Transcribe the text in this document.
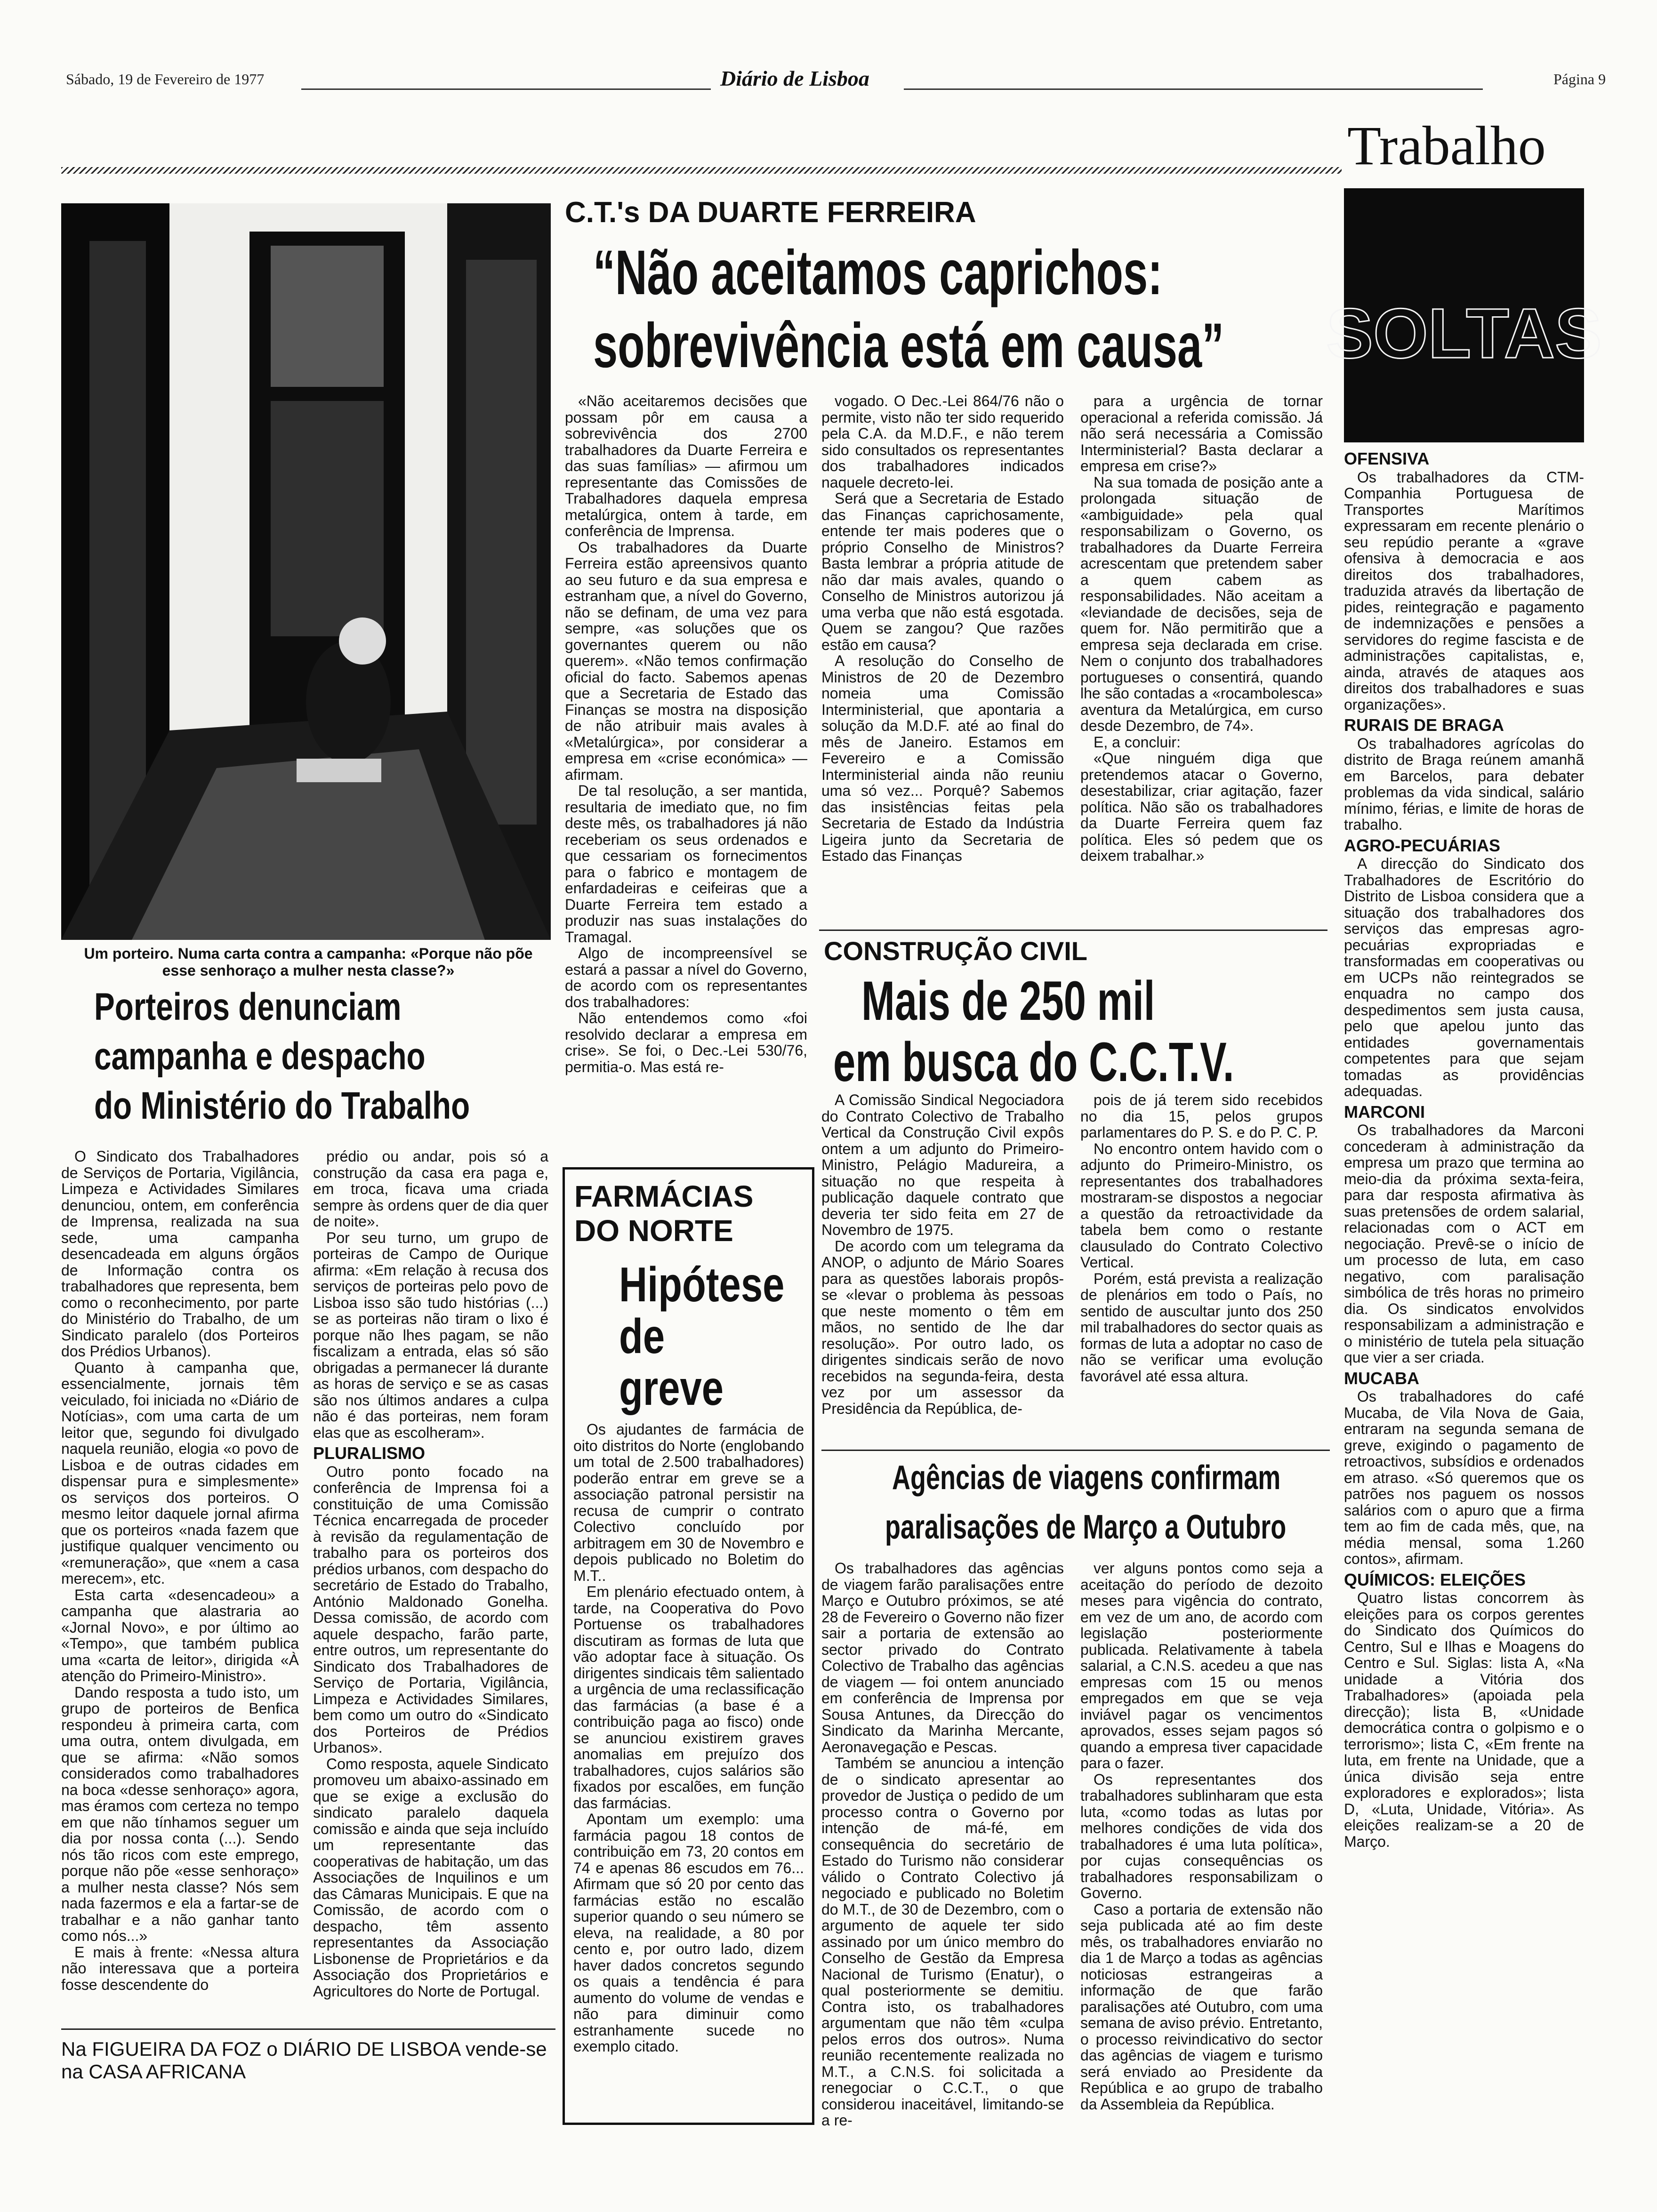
Sábado, 19 de Fevereiro de 1977	Diário de Lisboa	Página 9
Trabalho
Um porteiro. Numa carta contra a campanha: «Porque não põe esse senhoraço a mulher nesta classe?»
Porteiros denunciam
campanha e despacho
do Ministério do Trabalho

O Sindicato dos Trabalhadores de Serviços de Portaria, Vigilância, Limpeza e Actividades Similares denunciou, ontem, em conferência de Imprensa, realizada na sua sede, uma campanha desencadeada em alguns órgãos de Informação contra os trabalhadores que representa, bem como o reconhecimento, por parte do Ministério do Trabalho, de um Sindicato paralelo (dos Porteiros dos Prédios Urbanos).

Quanto à campanha que, essencialmente, jornais têm veiculado, foi iniciada no «Diário de Notícias», com uma carta de um leitor que, segundo foi divulgado naquela reunião, elogia «o povo de Lisboa e de outras cidades em dispensar pura e simplesmente» os serviços dos porteiros. O mesmo leitor daquele jornal afirma que os porteiros «nada fazem que justifique qualquer vencimento ou «remuneração», que «nem a casa merecem», etc.

Esta carta «desencadeou» a campanha que alastraria ao «Jornal Novo», e por último ao «Tempo», que também publica uma «carta de leitor», dirigida «À atenção do Primeiro-Ministro».

Dando resposta a tudo isto, um grupo de porteiros de Benfica respondeu à primeira carta, com uma outra, ontem divulgada, em que se afirma: «Não somos considerados como trabalhadores na boca «desse senhoraço» agora, mas éramos com certeza no tempo em que não tínhamos seguer um dia por nossa conta (...). Sendo nós tão ricos com este emprego, porque não põe «esse senhoraço» a mulher nesta classe? Nós sem nada fazermos e ela a fartar-se de trabalhar e a não ganhar tanto como nós...»

E mais à frente: «Nessa altura não interessava que a porteira fosse descendente do

prédio ou andar, pois só a construção da casa era paga e, em troca, ficava uma criada sempre às ordens quer de dia quer de noite».

Por seu turno, um grupo de porteiras de Campo de Ourique afirma: «Em relação à recusa dos serviços de porteiras pelo povo de Lisboa isso são tudo histórias (...) se as porteiras não tiram o lixo é porque não lhes pagam, se não fiscalizam a entrada, elas só são obrigadas a permanecer lá durante as horas de serviço e se as casas são nos últimos andares a culpa não é das porteiras, nem foram elas que as escolheram».

PLURALISMO

Outro ponto focado na conferência de Imprensa foi a constituição de uma Comissão Técnica encarregada de proceder à revisão da regulamentação de trabalho para os porteiros dos prédios urbanos, com despacho do secretário de Estado do Trabalho, António Maldonado Gonelha. Dessa comissão, de acordo com aquele despacho, farão parte, entre outros, um representante do Sindicato dos Trabalhadores de Serviço de Portaria, Vigilância, Limpeza e Actividades Similares, bem como um outro do «Sindicato dos Porteiros de Prédios Urbanos».

Como resposta, aquele Sindicato promoveu um abaixo-assinado em que se exige a exclusão do sindicato paralelo daquela comissão e ainda que seja incluído um representante das cooperativas de habitação, um das Associações de Inquilinos e um das Câmaras Municipais. E que na Comissão, de acordo com o despacho, têm assento representantes da Associação Lisbonense de Proprietários e da Associação dos Proprietários e Agricultores do Norte de Portugal.

Na FIGUEIRA DA FOZ o DIÁRIO DE LISBOA vende-se na CASA AFRICANA
C.T.'s DA DUARTE FERREIRA
“Não aceitamos caprichos:
sobrevivência está em causa”

«Não aceitaremos decisões que possam pôr em causa a sobrevivência dos 2700 trabalhadores da Duarte Ferreira e das suas famílias» — afirmou um representante das Comissões de Trabalhadores daquela empresa metalúrgica, ontem à tarde, em conferência de Imprensa.

Os trabalhadores da Duarte Ferreira estão apreensivos quanto ao seu futuro e da sua empresa e estranham que, a nível do Governo, não se definam, de uma vez para sempre, «as soluções que os governantes querem ou não querem». «Não temos confirmação oficial do facto. Sabemos apenas que a Secretaria de Estado das Finanças se mostra na disposição de não atribuir mais avales à «Metalúrgica», por considerar a empresa em «crise económica» — afirmam.

De tal resolução, a ser mantida, resultaria de imediato que, no fim deste mês, os trabalhadores já não receberiam os seus ordenados e que cessariam os fornecimentos para o fabrico e montagem de enfardadeiras e ceifeiras que a Duarte Ferreira tem estado a produzir nas suas instalações do Tramagal.

Algo de incompreensível se estará a passar a nível do Governo, de acordo com os representantes dos trabalhadores:

Não entendemos como «foi resolvido declarar a empresa em crise». Se foi, o Dec.-Lei 530/76, permitia-o. Mas está re-

vogado. O Dec.-Lei 864/76 não o permite, visto não ter sido requerido pela C.A. da M.D.F., e não terem sido consultados os representantes dos trabalhadores indicados naquele decreto-lei.

Será que a Secretaria de Estado das Finanças caprichosamente, entende ter mais poderes que o próprio Conselho de Ministros? Basta lembrar a própria atitude de não dar mais avales, quando o Conselho de Ministros autorizou já uma verba que não está esgotada. Quem se zangou? Que razões estão em causa?

A resolução do Conselho de Ministros de 20 de Dezembro nomeia uma Comissão Interministerial, que apontaria a solução da M.D.F. até ao final do mês de Janeiro. Estamos em Fevereiro e a Comissão Interministerial ainda não reuniu uma só vez... Porquê? Sabemos das insistências feitas pela Secretaria de Estado da Indústria Ligeira junto da Secretaria de Estado das Finanças

para a urgência de tornar operacional a referida comissão. Já não será necessária a Comissão Interministerial? Basta declarar a empresa em crise?»

Na sua tomada de posição ante a prolongada situação de «ambiguidade» pela qual responsabilizam o Governo, os trabalhadores da Duarte Ferreira acrescentam que pretendem saber a quem cabem as responsabilidades. Não aceitam a «leviandade de decisões, seja de quem for. Não permitirão que a empresa seja declarada em crise. Nem o conjunto dos trabalhadores portugueses o consentirá, quando lhe são contadas a «rocambolesca» aventura da Metalúrgica, em curso desde Dezembro, de 74».

E, a concluir:

«Que ninguém diga que pretendemos atacar o Governo, desestabilizar, criar agitação, fazer política. Não são os trabalhadores da Duarte Ferreira quem faz política. Eles só pedem que os deixem trabalhar.»

CONSTRUÇÃO CIVIL
Mais de 250 mil
em busca do C.C.T.V.

A Comissão Sindical Negociadora do Contrato Colectivo de Trabalho Vertical da Construção Civil expôs ontem a um adjunto do Primeiro-Ministro, Pelágio Madureira, a situação no que respeita à publicação daquele contrato que deveria ter sido feita em 27 de Novembro de 1975.

De acordo com um telegrama da ANOP, o adjunto de Mário Soares para as questões laborais propôs-se «levar o problema às pessoas que neste momento o têm em mãos, no sentido de lhe dar resolução». Por outro lado, os dirigentes sindicais serão de novo recebidos na segunda-feira, desta vez por um assessor da Presidência da República, de-

pois de já terem sido recebidos no dia 15, pelos grupos parlamentares do P. S. e do P. C. P.

No encontro ontem havido com o adjunto do Primeiro-Ministro, os representantes dos trabalhadores mostraram-se dispostos a negociar a questão da retroactividade da tabela bem como o restante clausulado do Contrato Colectivo Vertical.

Porém, está prevista a realização de plenários em todo o País, no sentido de auscultar junto dos 250 mil trabalhadores do sector quais as formas de luta a adoptar no caso de não se verificar uma evolução favorável até essa altura.

FARMÁCIAS
DO NORTE
Hipótese
de
greve

Os ajudantes de farmácia de oito distritos do Norte (englobando um total de 2.500 trabalhadores) poderão entrar em greve se a associação patronal persistir na recusa de cumprir o contrato Colectivo concluído por arbitragem em 30 de Novembro e depois publicado no Boletim do M.T..

Em plenário efectuado ontem, à tarde, na Cooperativa do Povo Portuense os trabalhadores discutiram as formas de luta que vão adoptar face à situação. Os dirigentes sindicais têm salientado a urgência de uma reclassificação das farmácias (a base é a contribuição paga ao fisco) onde se anunciou existirem graves anomalias em prejuízo dos trabalhadores, cujos salários são fixados por escalões, em função das farmácias.

Apontam um exemplo: uma farmácia pagou 18 contos de contribuição em 73, 20 contos em 74 e apenas 86 escudos em 76... Afirmam que só 20 por cento das farmácias estão no escalão superior quando o seu número se eleva, na realidade, a 80 por cento e, por outro lado, dizem haver dados concretos segundo os quais a tendência é para aumento do volume de vendas e não para diminuir como estranhamente sucede no exemplo citado.

Agências de viagens confirmam
paralisações de Março a Outubro

Os trabalhadores das agências de viagem farão paralisações entre Março e Outubro próximos, se até 28 de Fevereiro o Governo não fizer sair a portaria de extensão ao sector privado do Contrato Colectivo de Trabalho das agências de viagem — foi ontem anunciado em conferência de Imprensa por Sousa Antunes, da Direcção do Sindicato da Marinha Mercante, Aeronavegação e Pescas.

Também se anunciou a intenção de o sindicato apresentar ao provedor de Justiça o pedido de um processo contra o Governo por intenção de má-fé, em consequência do secretário de Estado do Turismo não considerar válido o Contrato Colectivo já negociado e publicado no Boletim do M.T., de 30 de Dezembro, com o argumento de aquele ter sido assinado por um único membro do Conselho de Gestão da Empresa Nacional de Turismo (Enatur), o qual posteriormente se demitiu. Contra isto, os trabalhadores argumentam que não têm «culpa pelos erros dos outros». Numa reunião recentemente realizada no M.T., a C.N.S. foi solicitada a renegociar o C.C.T., o que considerou inaceitável, limitando-se a re-

ver alguns pontos como seja a aceitação do período de dezoito meses para vigência do contrato, em vez de um ano, de acordo com legislação posteriormente publicada. Relativamente à tabela salarial, a C.N.S. acedeu a que nas empresas com 15 ou menos empregados em que se veja inviável pagar os vencimentos aprovados, esses sejam pagos só quando a empresa tiver capacidade para o fazer.

Os representantes dos trabalhadores sublinharam que esta luta, «como todas as lutas por melhores condições de vida dos trabalhadores é uma luta política», por cujas consequências os trabalhadores responsabilizam o Governo.

Caso a portaria de extensão não seja publicada até ao fim deste mês, os trabalhadores enviarão no dia 1 de Março a todas as agências noticiosas estrangeiras a informação de que farão paralisações até Outubro, com uma semana de aviso prévio. Entretanto, o processo reivindicativo do sector das agências de viagem e turismo será enviado ao Presidente da República e ao grupo de trabalho da Assembleia da República.

SOLTAS
OFENSIVA

Os trabalhadores da CTM-Companhia Portuguesa de Transportes Marítimos expressaram em recente plenário o seu repúdio perante a «grave ofensiva à democracia e aos direitos dos trabalhadores, traduzida através da libertação de pides, reintegração e pagamento de indemnizações e pensões a servidores do regime fascista e de administrações capitalistas, e, ainda, através de ataques aos direitos dos trabalhadores e suas organizações».

RURAIS DE BRAGA

Os trabalhadores agrícolas do distrito de Braga reúnem amanhã em Barcelos, para debater problemas da vida sindical, salário mínimo, férias, e limite de horas de trabalho.

AGRO-PECUÁRIAS

A direcção do Sindicato dos Trabalhadores de Escritório do Distrito de Lisboa considera que a situação dos trabalhadores dos serviços das empresas agro-pecuárias expropriadas e transformadas em cooperativas ou em UCPs não reintegrados se enquadra no campo dos despedimentos sem justa causa, pelo que apelou junto das entidades governamentais competentes para que sejam tomadas as providências adequadas.

MARCONI

Os trabalhadores da Marconi concederam à administração da empresa um prazo que termina ao meio-dia da próxima sexta-feira, para dar resposta afirmativa às suas pretensões de ordem salarial, relacionadas com o ACT em negociação. Prevê-se o início de um processo de luta, em caso negativo, com paralisação simbólica de três horas no primeiro dia. Os sindicatos envolvidos responsabilizam a administração e o ministério de tutela pela situação que vier a ser criada.

MUCABA

Os trabalhadores do café Mucaba, de Vila Nova de Gaia, entraram na segunda semana de greve, exigindo o pagamento de retroactivos, subsídios e ordenados em atraso. «Só queremos que os patrões nos paguem os nossos salários com o apuro que a firma tem ao fim de cada mês, que, na média mensal, soma 1.260 contos», afirmam.

QUÍMICOS: ELEIÇÕES

Quatro listas concorrem às eleições para os corpos gerentes do Sindicato dos Químicos do Centro, Sul e Ilhas e Moagens do Centro e Sul. Siglas: lista A, «Na unidade a Vitória dos Trabalhadores» (apoiada pela direcção); lista B, «Unidade democrática contra o golpismo e o terrorismo»; lista C, «Em frente na luta, em frente na Unidade, que a única divisão seja entre exploradores e explorados»; lista D, «Luta, Unidade, Vitória». As eleições realizam-se a 20 de Março.
